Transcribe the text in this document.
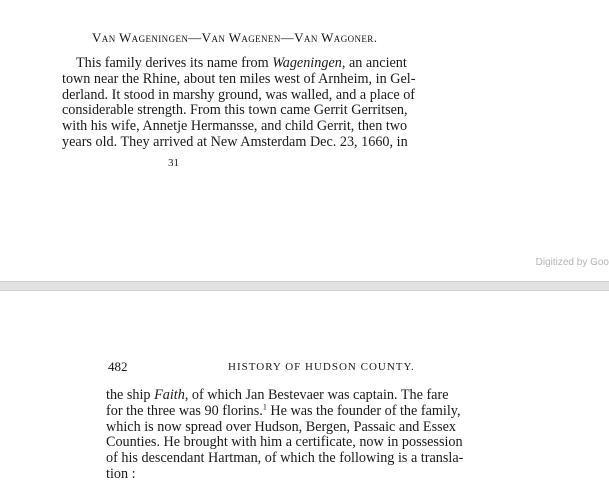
Van Wageningen—Van Wagenen—Van Wagoner.
This family derives its name from Wageningen, an ancient
town near the Rhine, about ten miles west of Arnheim, in Gel-
derland. It stood in marshy ground, was walled, and a place of
considerable strength. From this town came Gerrit Gerritsen,
with his wife, Annetje Hermansse, and child Gerrit, then two
years old. They arrived at New Amsterdam Dec. 23, 1660, in
31
Digitized by Goo
482	HISTORY OF HUDSON COUNTY.
the ship Faith, of which Jan Bestevaer was captain. The fare
for the three was 90 florins.$^1$ He was the founder of the family,
which is now spread over Hudson, Bergen, Passaic and Essex
Counties. He brought with him a certificate, now in possession
of his descendant Hartman, of which the following is a transla-
tion :
